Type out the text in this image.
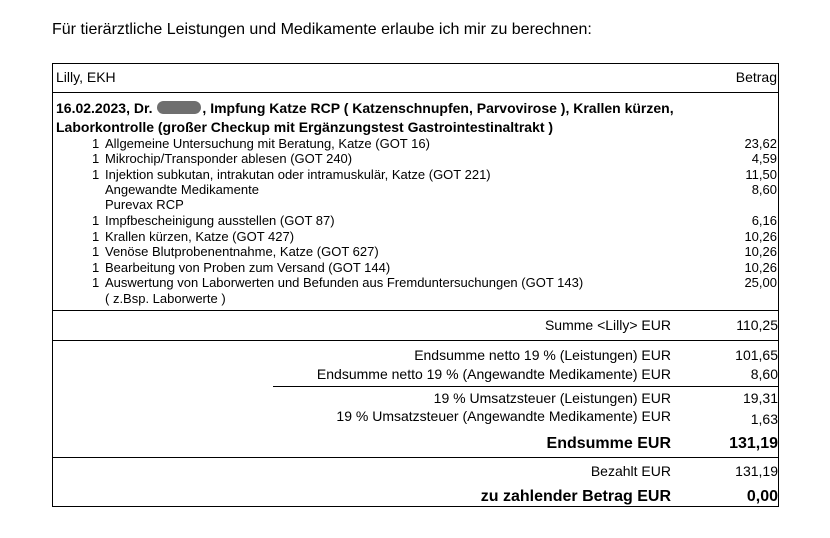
Für tierärztliche Leistungen und Medikamente erlaube ich mir zu berechnen:
Lilly, EKH	Betrag
16.02.2023, Dr.	, Impfung Katze RCP ( Katzenschnupfen, Parvovirose ), Krallen kürzen,
Laborkontrolle (großer Checkup mit Ergänzungstest Gastrointestinaltrakt )
1 Allgemeine Untersuchung mit Beratung, Katze (GOT 16)	23,62
1 Mikrochip/Transponder ablesen (GOT 240)	4,59
1 Injektion subkutan, intrakutan oder intramuskulär, Katze (GOT 221)	11,50
Angewandte Medikamente	8,60
Purevax RCP
1 Impfbescheinigung ausstellen (GOT 87)	6,16
1 Krallen kürzen, Katze (GOT 427)	10,26
1 Venöse Blutprobenentnahme, Katze (GOT 627)	10,26
1 Bearbeitung von Proben zum Versand (GOT 144)	10,26
1 Auswertung von Laborwerten und Befunden aus Fremduntersuchungen (GOT 143)	25,00
( z.Bsp. Laborwerte )
Summe <Lilly> EUR	110,25
Endsumme netto 19 % (Leistungen) EUR	101,65
Endsumme netto 19 % (Angewandte Medikamente) EUR	8,60
19 % Umsatzsteuer (Leistungen) EUR	19,31
19 % Umsatzsteuer (Angewandte Medikamente) EUR	1,63
Endsumme EUR	131,19
Bezahlt EUR	131,19
zu zahlender Betrag EUR	0,00
